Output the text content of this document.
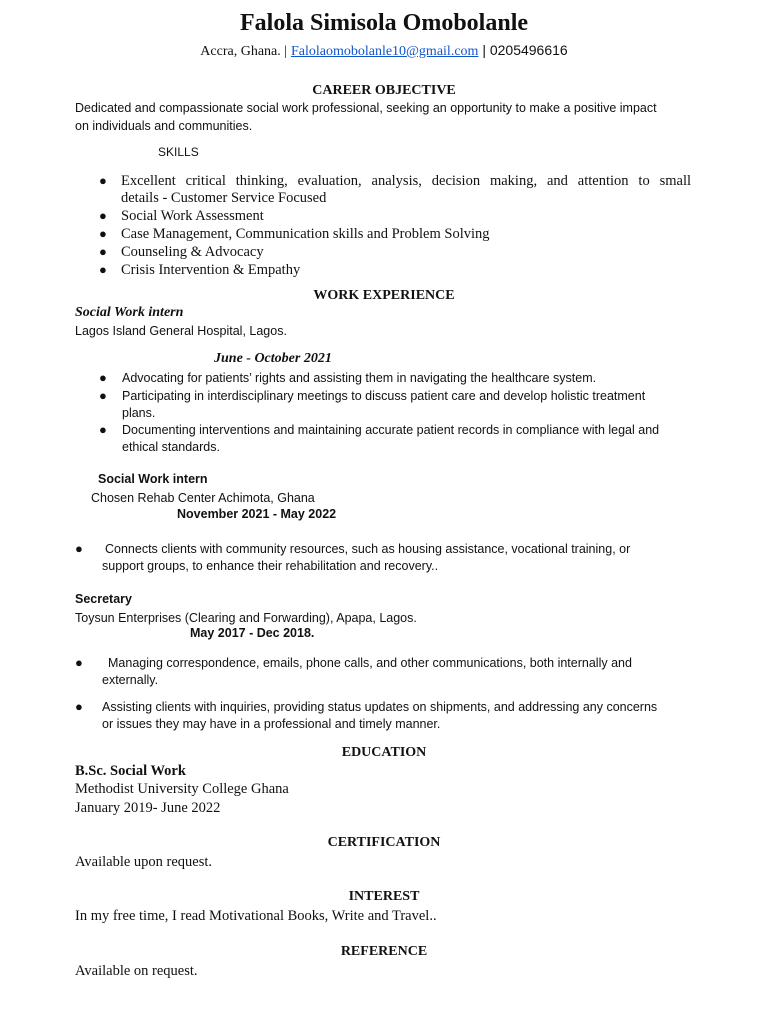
Falola Simisola Omobolanle
Accra, Ghana. | Falolaomobolanle10@gmail.com | 0205496616
CAREER OBJECTIVE
Dedicated and compassionate social work professional, seeking an opportunity to make a positive impact
on individuals and communities.
SKILLS
● Excellent critical thinking, evaluation, analysis, decision making, and attention to small
details - Customer Service Focused
● Social Work Assessment
● Case Management, Communication skills and Problem Solving
● Counseling & Advocacy
● Crisis Intervention & Empathy
WORK EXPERIENCE
Social Work intern
Lagos Island General Hospital, Lagos.
June - October 2021
● Advocating for patients’ rights and assisting them in navigating the healthcare system.
● Participating in interdisciplinary meetings to discuss patient care and develop holistic treatment
plans.
● Documenting interventions and maintaining accurate patient records in compliance with legal and
ethical standards.
Social Work intern
Chosen Rehab Center Achimota, Ghana
November 2021 - May 2022
● Connects clients with community resources, such as housing assistance, vocational training, or
support groups, to enhance their rehabilitation and recovery..
Secretary
Toysun Enterprises (Clearing and Forwarding), Apapa, Lagos.
May 2017 - Dec 2018.
● Managing correspondence, emails, phone calls, and other communications, both internally and
externally.
● Assisting clients with inquiries, providing status updates on shipments, and addressing any concerns
or issues they may have in a professional and timely manner.
EDUCATION
B.Sc. Social Work
Methodist University College Ghana
January 2019- June 2022
CERTIFICATION
Available upon request.
INTEREST
In my free time, I read Motivational Books, Write and Travel..
REFERENCE
Available on request.
